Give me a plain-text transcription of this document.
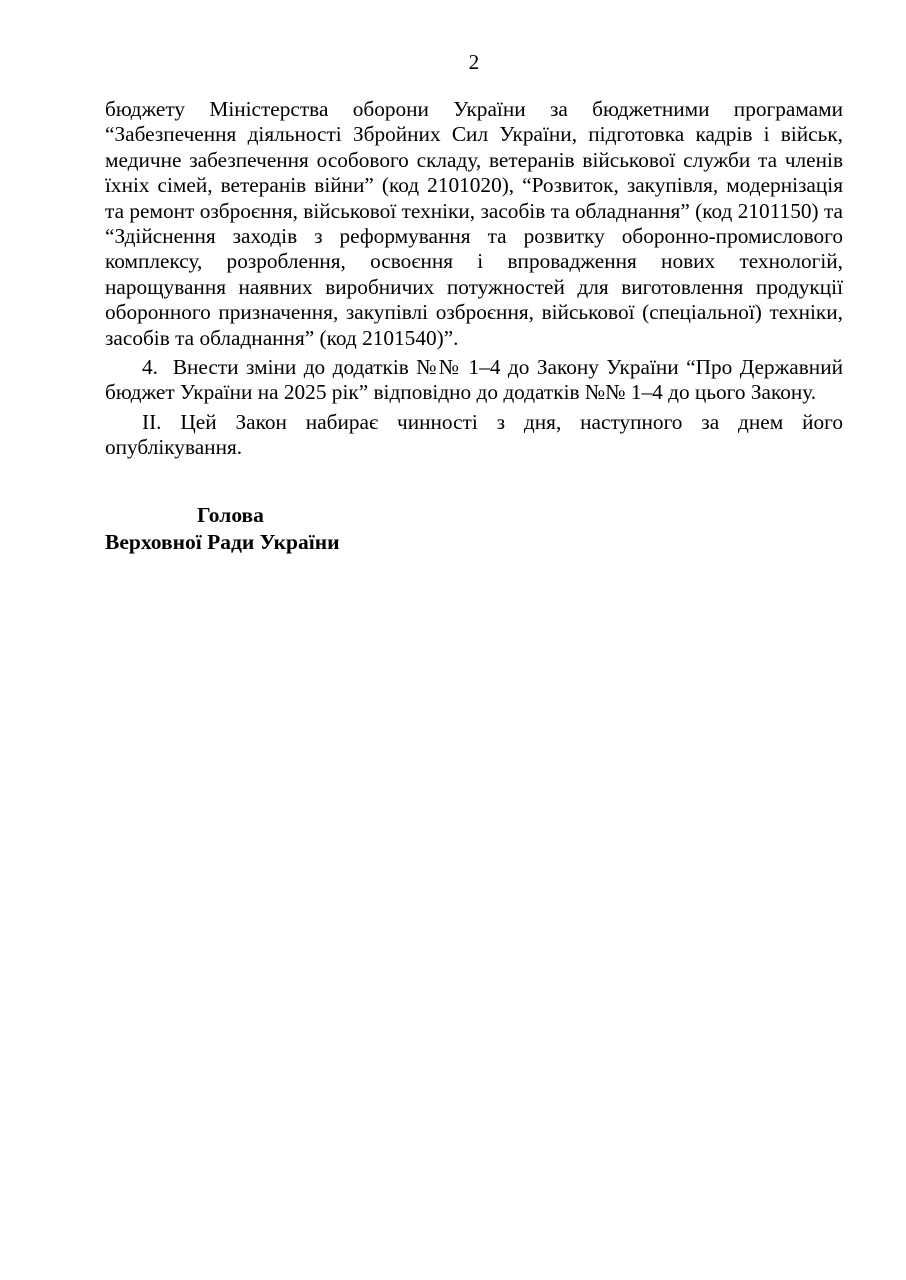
2

бюджету Міністерства оборони України за бюджетними програмами “Забезпечення діяльності Збройних Сил України, підготовка кадрів і військ, медичне забезпечення особового складу, ветеранів військової служби та членів їхніх сімей, ветеранів війни” (код 2101020), “Розвиток, закупівля, модернізація та ремонт озброєння, військової техніки, засобів та обладнання” (код 2101150) та “Здійснення заходів з реформування та розвитку оборонно-промислового комплексу, розроблення, освоєння і впровадження нових технологій, нарощування наявних виробничих потужностей для виготовлення продукції оборонного призначення, закупівлі озброєння, військової (спеціальної) техніки, засобів та обладнання” (код 2101540)”.

4.  Внести зміни до додатків №№ 1–4 до Закону України “Про Державний бюджет України на 2025 рік” відповідно до додатків №№ 1–4 до цього Закону.

ІІ. Цей Закон набирає чинності з дня, наступного за днем його опублікування.

Голова
Верховної Ради України
